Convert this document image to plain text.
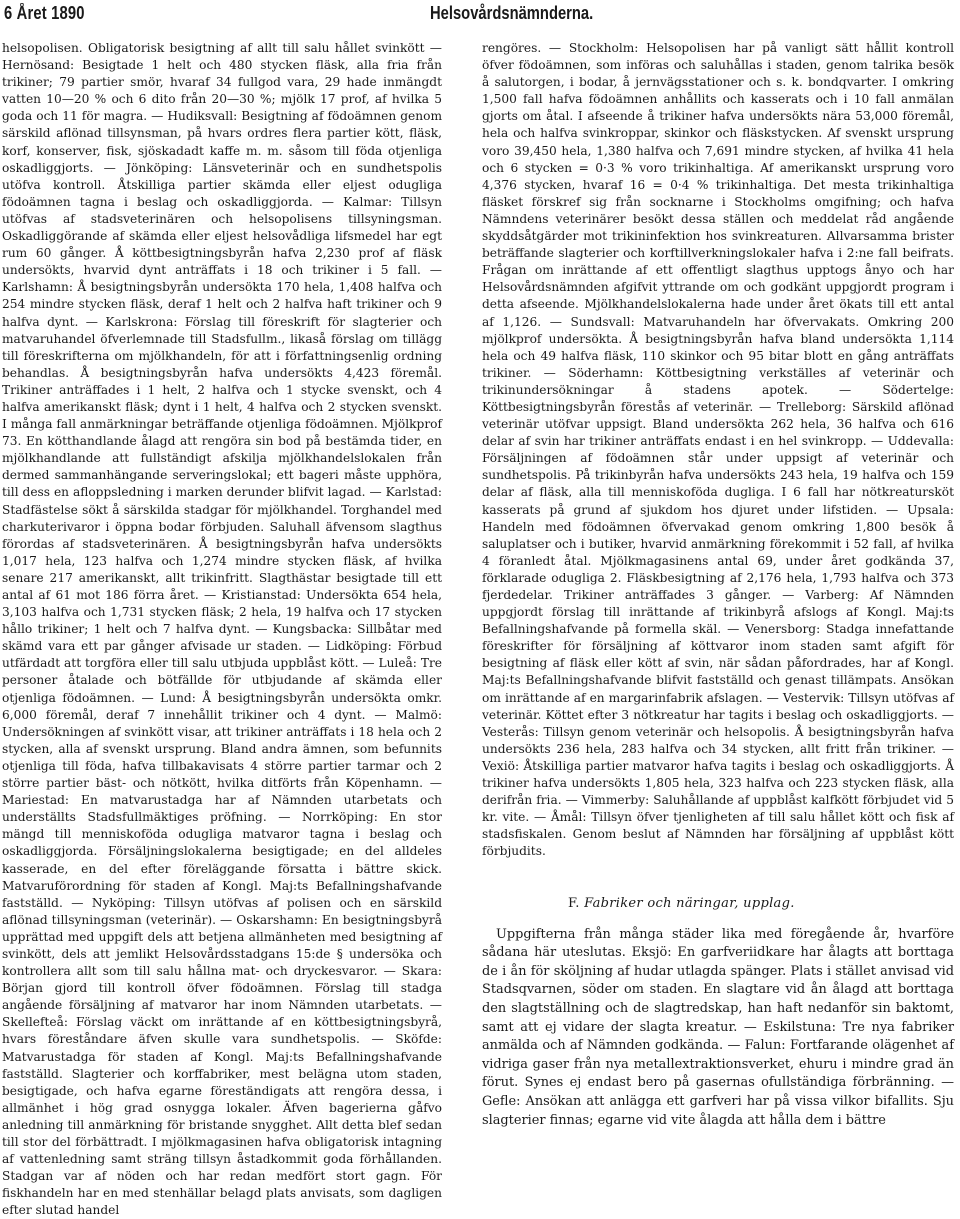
6 Året 1890	Helsovårdsnämnderna.

helsopolisen. Obligatorisk besigtning af allt till salu hållet svinkött — Hernösand: Besigtade 1 helt och 480 stycken fläsk, alla fria från trikiner; 79 partier smör, hvaraf 34 fullgod vara, 29 hade inmängdt vatten 10—20 % och 6 dito från 20—30 %; mjölk 17 prof, af hvilka 5 goda och 11 för magra. — Hudiksvall: Besigtning af födoämnen genom särskild aflönad tillsynsman, på hvars ordres flera partier kött, fläsk, korf, konserver, fisk, sjöskadadt kaffe m. m. såsom till föda otjenliga oskadliggjorts. — Jönköping: Länsveterinär och en sundhetspolis utöfva kontroll. Åtskilliga partier skämda eller eljest odugliga födoämnen tagna i beslag och oskadliggjorda. — Kalmar: Tillsyn utöfvas af stadsveterinären och helsopolisens tillsyningsman. Oskadliggörande af skämda eller eljest helsovådliga lifsmedel har egt rum 60 gånger. Å köttbesigtningsbyrån hafva 2,230 prof af fläsk undersökts, hvarvid dynt anträffats i 18 och trikiner i 5 fall. — Karlshamn: Å besigtningsbyrån undersökta 170 hela, 1,408 halfva och 254 mindre stycken fläsk, deraf 1 helt och 2 halfva haft trikiner och 9 halfva dynt. — Karlskrona: Förslag till föreskrift för slagterier och matvaruhandel öfverlemnade till Stadsfullm., likaså förslag om tillägg till föreskrifterna om mjölkhandeln, för att i författningsenlig ordning behandlas. Å besigtningsbyrån hafva undersökts 4,423 föremål. Trikiner anträffades i 1 helt, 2 halfva och 1 stycke svenskt, och 4 halfva amerikanskt fläsk; dynt i 1 helt, 4 halfva och 2 stycken svenskt. I många fall anmärkningar beträffande otjenliga födoämnen. Mjölkprof 73. En kötthandlande ålagd att rengöra sin bod på bestämda tider, en mjölkhandlande att fullständigt afskilja mjölkhandelslokalen från dermed sammanhängande serveringslokal; ett bageri måste upphöra, till dess en afloppsledning i marken derunder blifvit lagad. — Karlstad: Stadfästelse sökt å särskilda stadgar för mjölkhandel. Torghandel med charkuterivaror i öppna bodar förbjuden. Saluhall äfvensom slagthus förordas af stadsveterinären. Å besigtningsbyrån hafva undersökts 1,017 hela, 123 halfva och 1,274 mindre stycken fläsk, af hvilka senare 217 amerikanskt, allt trikinfritt. Slagthästar besigtade till ett antal af 61 mot 186 förra året. — Kristianstad: Undersökta 654 hela, 3,103 halfva och 1,731 stycken fläsk; 2 hela, 19 halfva och 17 stycken hållo trikiner; 1 helt och 7 halfva dynt. — Kungsbacka: Sillbåtar med skämd vara ett par gånger afvisade ur staden. — Lidköping: Förbud utfärdadt att torgföra eller till salu utbjuda uppblåst kött. — Luleå: Tre personer åtalade och bötfällde för utbjudande af skämda eller otjenliga födoämnen. — Lund: Å besigtningsbyrån undersökta omkr. 6,000 föremål, deraf 7 innehållit trikiner och 4 dynt. — Malmö: Undersökningen af svinkött visar, att trikiner anträffats i 18 hela och 2 stycken, alla af svenskt ursprung. Bland andra ämnen, som befunnits otjenliga till föda, hafva tillbakavisats 4 större partier tarmar och 2 större partier bäst- och nötkött, hvilka ditförts från Köpenhamn. — Mariestad: En matvarustadga har af Nämnden utarbetats och underställts Stadsfullmäktiges pröfning. — Norrköping: En stor mängd till menniskoföda odugliga matvaror tagna i beslag och oskadliggjorda. Försäljningslokalerna besigtigade; en del alldeles kasserade, en del efter föreläggande försatta i bättre skick. Matvaruförordning för staden af Kongl. Maj:ts Befallningshafvande fastställd. — Nyköping: Tillsyn utöfvas af polisen och en särskild aflönad tillsyningsman (veterinär). — Oskarshamn: En besigtningsbyrå upprättad med uppgift dels att betjena allmänheten med besigtning af svinkött, dels att jemlikt Helsovårdsstadgans 15:de § undersöka och kontrollera allt som till salu hållna mat- och dryckesvaror. — Skara: Början gjord till kontroll öfver födoämnen. Förslag till stadga angående försäljning af matvaror har inom Nämnden utarbetats. — Skellefteå: Förslag väckt om inrättande af en köttbesigtningsbyrå, hvars föreståndare äfven skulle vara sundhetspolis. — Sköfde: Matvarustadga för staden af Kongl. Maj:ts Befallningshafvande fastställd. Slagterier och korffabriker, mest belägna utom staden, besigtigade, och hafva egarne föreständigats att rengöra dessa, i allmänhet i hög grad osnygga lokaler. Äfven bagerierna gåfvo anledning till anmärkning för bristande snygghet. Allt detta blef sedan till stor del förbättradt. I mjölkmagasinen hafva obligatorisk intagning af vattenledning samt sträng tillsyn åstadkommit goda förhållanden. Stadgan var af nöden och har redan medfört stort gagn. För fiskhandeln har en med stenhällar belagd plats anvisats, som dagligen efter slutad handel

rengöres. — Stockholm: Helsopolisen har på vanligt sätt hållit kontroll öfver födoämnen, som införas och saluhållas i staden, genom talrika besök å salutorgen, i bodar, å jernvägsstationer och s. k. bondqvarter. I omkring 1,500 fall hafva födoämnen anhållits och kasserats och i 10 fall anmälan gjorts om åtal. I afseende å trikiner hafva undersökts nära 53,000 föremål, hela och halfva svinkroppar, skinkor och fläskstycken. Af svenskt ursprung voro 39,450 hela, 1,380 halfva och 7,691 mindre stycken, af hvilka 41 hela och 6 stycken = 0·3 % voro trikinhaltiga. Af amerikanskt ursprung voro 4,376 stycken, hvaraf 16 = 0·4 % trikinhaltiga. Det mesta trikinhaltiga fläsket förskref sig från socknarne i Stockholms omgifning; och hafva Nämndens veterinärer besökt dessa ställen och meddelat råd angående skyddsåtgärder mot trikininfektion hos svinkreaturen. Allvarsamma brister beträffande slagterier och korftillverkningslokaler hafva i 2:ne fall beifrats. Frågan om inrättande af ett offentligt slagthus upptogs ånyo och har Helsovårdsnämnden afgifvit yttrande om och godkänt uppgjordt program i detta afseende. Mjölkhandelslokalerna hade under året ökats till ett antal af 1,126. — Sundsvall: Matvaruhandeln har öfvervakats. Omkring 200 mjölkprof undersökta. Å besigtningsbyrån hafva bland undersökta 1,114 hela och 49 halfva fläsk, 110 skinkor och 95 bitar blott en gång anträffats trikiner. — Söderhamn: Köttbesigtning verkställes af veterinär och trikinundersökningar å stadens apotek. — Södertelge: Köttbesigtningsbyrån förestås af veterinär. — Trelleborg: Särskild aflönad veterinär utöfvar uppsigt. Bland undersökta 262 hela, 36 halfva och 616 delar af svin har trikiner anträffats endast i en hel svinkropp. — Uddevalla: Försäljningen af födoämnen står under uppsigt af veterinär och sundhetspolis. På trikinbyrån hafva undersökts 243 hela, 19 halfva och 159 delar af fläsk, alla till menniskoföda dugliga. I 6 fall har nötkreatursköt kasserats på grund af sjukdom hos djuret under lifstiden. — Upsala: Handeln med födoämnen öfvervakad genom omkring 1,800 besök å saluplatser och i butiker, hvarvid anmärkning förekommit i 52 fall, af hvilka 4 föranledt åtal. Mjölkmagasinens antal 69, under året godkända 37, förklarade odugliga 2. Fläskbesigtning af 2,176 hela, 1,793 halfva och 373 fjerdedelar. Trikiner anträffades 3 gånger. — Varberg: Af Nämnden uppgjordt förslag till inrättande af trikinbyrå afslogs af Kongl. Maj:ts Befallningshafvande på formella skäl. — Venersborg: Stadga innefattande föreskrifter för försäljning af köttvaror inom staden samt afgift för besigtning af fläsk eller kött af svin, när sådan påfordrades, har af Kongl. Maj:ts Befallningshafvande blifvit fastställd och genast tillämpats. Ansökan om inrättande af en margarinfabrik afslagen. — Vestervik: Tillsyn utöfvas af veterinär. Köttet efter 3 nötkreatur har tagits i beslag och oskadliggjorts. — Vesterås: Tillsyn genom veterinär och helsopolis. Å besigtningsbyrån hafva undersökts 236 hela, 283 halfva och 34 stycken, allt fritt från trikiner. — Vexiö: Åtskilliga partier matvaror hafva tagits i beslag och oskadliggjorts. Å trikiner hafva undersökts 1,805 hela, 323 halfva och 223 stycken fläsk, alla derifrån fria. — Vimmerby: Saluhållande af uppblåst kalfkött förbjudet vid 5 kr. vite. — Åmål: Tillsyn öfver tjenligheten af till salu hållet kött och fisk af stadsfiskalen. Genom beslut af Nämnden har försäljning af uppblåst kött förbjudits.

F. Fabriker och näringar, upplag.

Uppgifterna från många städer lika med föregående år, hvarföre sådana här uteslutas. Eksjö: En garfveriidkare har ålagts att borttaga de i ån för sköljning af hudar utlagda spänger. Plats i stället anvisad vid Stadsqvarnen, söder om staden. En slagtare vid ån ålagd att borttaga den slagtställning och de slagtredskap, han haft nedanför sin baktomt, samt att ej vidare der slagta kreatur. — Eskilstuna: Tre nya fabriker anmälda och af Nämnden godkända. — Falun: Fortfarande olägenhet af vidriga gaser från nya metallextraktionsverket, ehuru i mindre grad än förut. Synes ej endast bero på gasernas ofullständiga förbränning. — Gefle: Ansökan att anlägga ett garfveri har på vissa vilkor bifallits. Sju slagterier finnas; egarne vid vite ålagda att hålla dem i bättre
